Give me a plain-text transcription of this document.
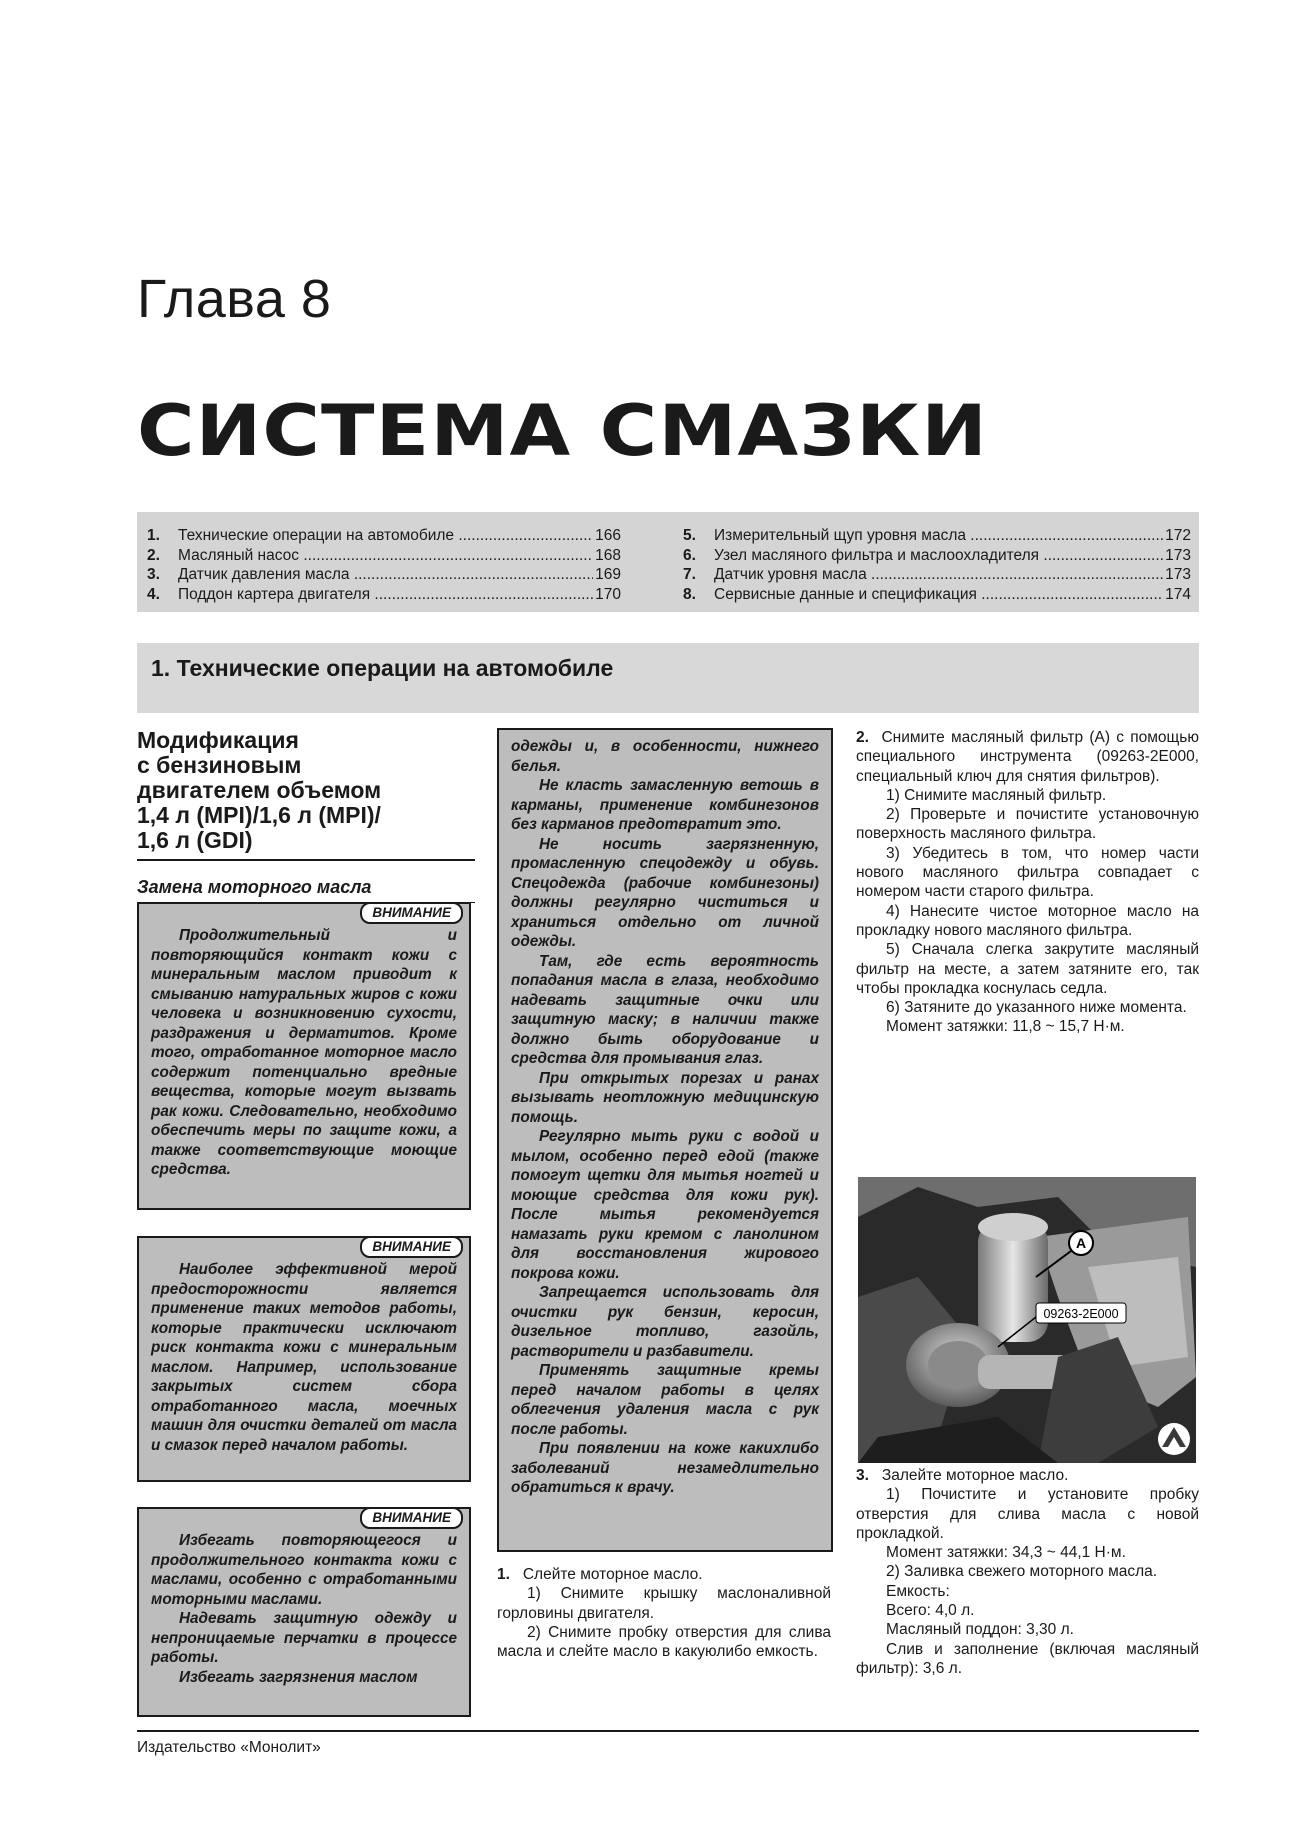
Глава 8
СИСТЕМА СМАЗКИ
1.	Технические операции на автомобиле .....	166
2.	Масляный насос .....	168
3.	Датчик давления масла .....	169
4.	Поддон картера двигателя .....	170
5.	Измерительный щуп уровня масла .....	172
6.	Узел масляного фильтра и маслоохладителя .....	173
7.	Датчик уровня масла .....	173
8.	Сервисные данные и спецификация .....	174
1. Технические операции на автомобиле
Модификация
с бензиновым
двигателем объемом
1,4 л (MPI)/1,6 л (MPI)/
1,6 л (GDI)
Замена моторного масла
ВНИМАНИЕ

Продолжительный и повторяющийся контакт кожи с минеральным маслом приводит к смыванию натуральных жиров с кожи человека и возникновению сухости, раздражения и дерматитов. Кроме того, отработанное моторное масло содержит потенциально вредные вещества, которые могут вызвать рак кожи. Следовательно, необходимо обеспечить меры по защите кожи, а также соответствующие моющие средства.

ВНИМАНИЕ

Наиболее эффективной мерой предосторожности является применение таких методов работы, которые практически исключают риск контакта кожи с минеральным маслом. Например, использование закрытых систем сбора отработанного масла, моечных машин для очистки деталей от масла и смазок перед началом работы.

ВНИМАНИЕ

Избегать повторяющегося и продолжительного контакта кожи с маслами, особенно с отработанными моторными маслами.

Надевать защитную одежду и непроницаемые перчатки в процессе работы.

Избегать загрязнения маслом

одежды и, в особенности, нижнего белья.

Не класть замасленную ветошь в карманы, применение комбинезонов без карманов предотвратит это.

Не носить загрязненную, промасленную спецодежду и обувь. Спецодежда (рабочие комбинезоны) должны регулярно чиститься и храниться отдельно от личной одежды.

Там, где есть вероятность попадания масла в глаза, необходимо надевать защитные очки или защитную маску; в наличии также должно быть оборудование и средства для промывания глаз.

При открытых порезах и ранах вызывать неотложную медицинскую помощь.

Регулярно мыть руки с водой и мылом, особенно перед едой (также помогут щетки для мытья ногтей и моющие средства для кожи рук). После мытья рекомендуется намазать руки кремом с ланолином для восстановления жирового покрова кожи.

Запрещается использовать для очистки рук бензин, керосин, дизельное топливо, газойль, растворители и разбавители.

Применять защитные кремы перед началом работы в целях облегчения удаления масла с рук после работы.

При появлении на коже какихлибо заболеваний незамедлительно обратиться к врачу.

1. Слейте моторное масло.

1) Снимите крышку маслоналивной горловины двигателя.

2) Снимите пробку отверстия для слива масла и слейте масло в какуюлибо емкость.

2. Снимите масляный фильтр (А) с помощью специального инструмента (09263-2E000, специальный ключ для снятия фильтров).

1) Снимите масляный фильтр.

2) Проверьте и почистите установочную поверхность масляного фильтра.

3) Убедитесь в том, что номер части нового масляного фильтра совпадает с номером части старого фильтра.

4) Нанесите чистое моторное масло на прокладку нового масляного фильтра.

5) Сначала слегка закрутите масляный фильтр на месте, а затем затяните его, так чтобы прокладка коснулась седла.

6) Затяните до указанного ниже момента.

Момент затяжки: 11,8 ~ 15,7 Н·м.

A
09263-2E000

3. Залейте моторное масло.

1) Почистите и установите пробку отверстия для слива масла с новой прокладкой.

Момент затяжки: 34,3 ~ 44,1 Н·м.

2) Заливка свежего моторного масла.

Емкость:

Всего: 4,0 л.

Масляный поддон: 3,30 л.

Слив и заполнение (включая масляный фильтр): 3,6 л.

Издательство «Монолит»
